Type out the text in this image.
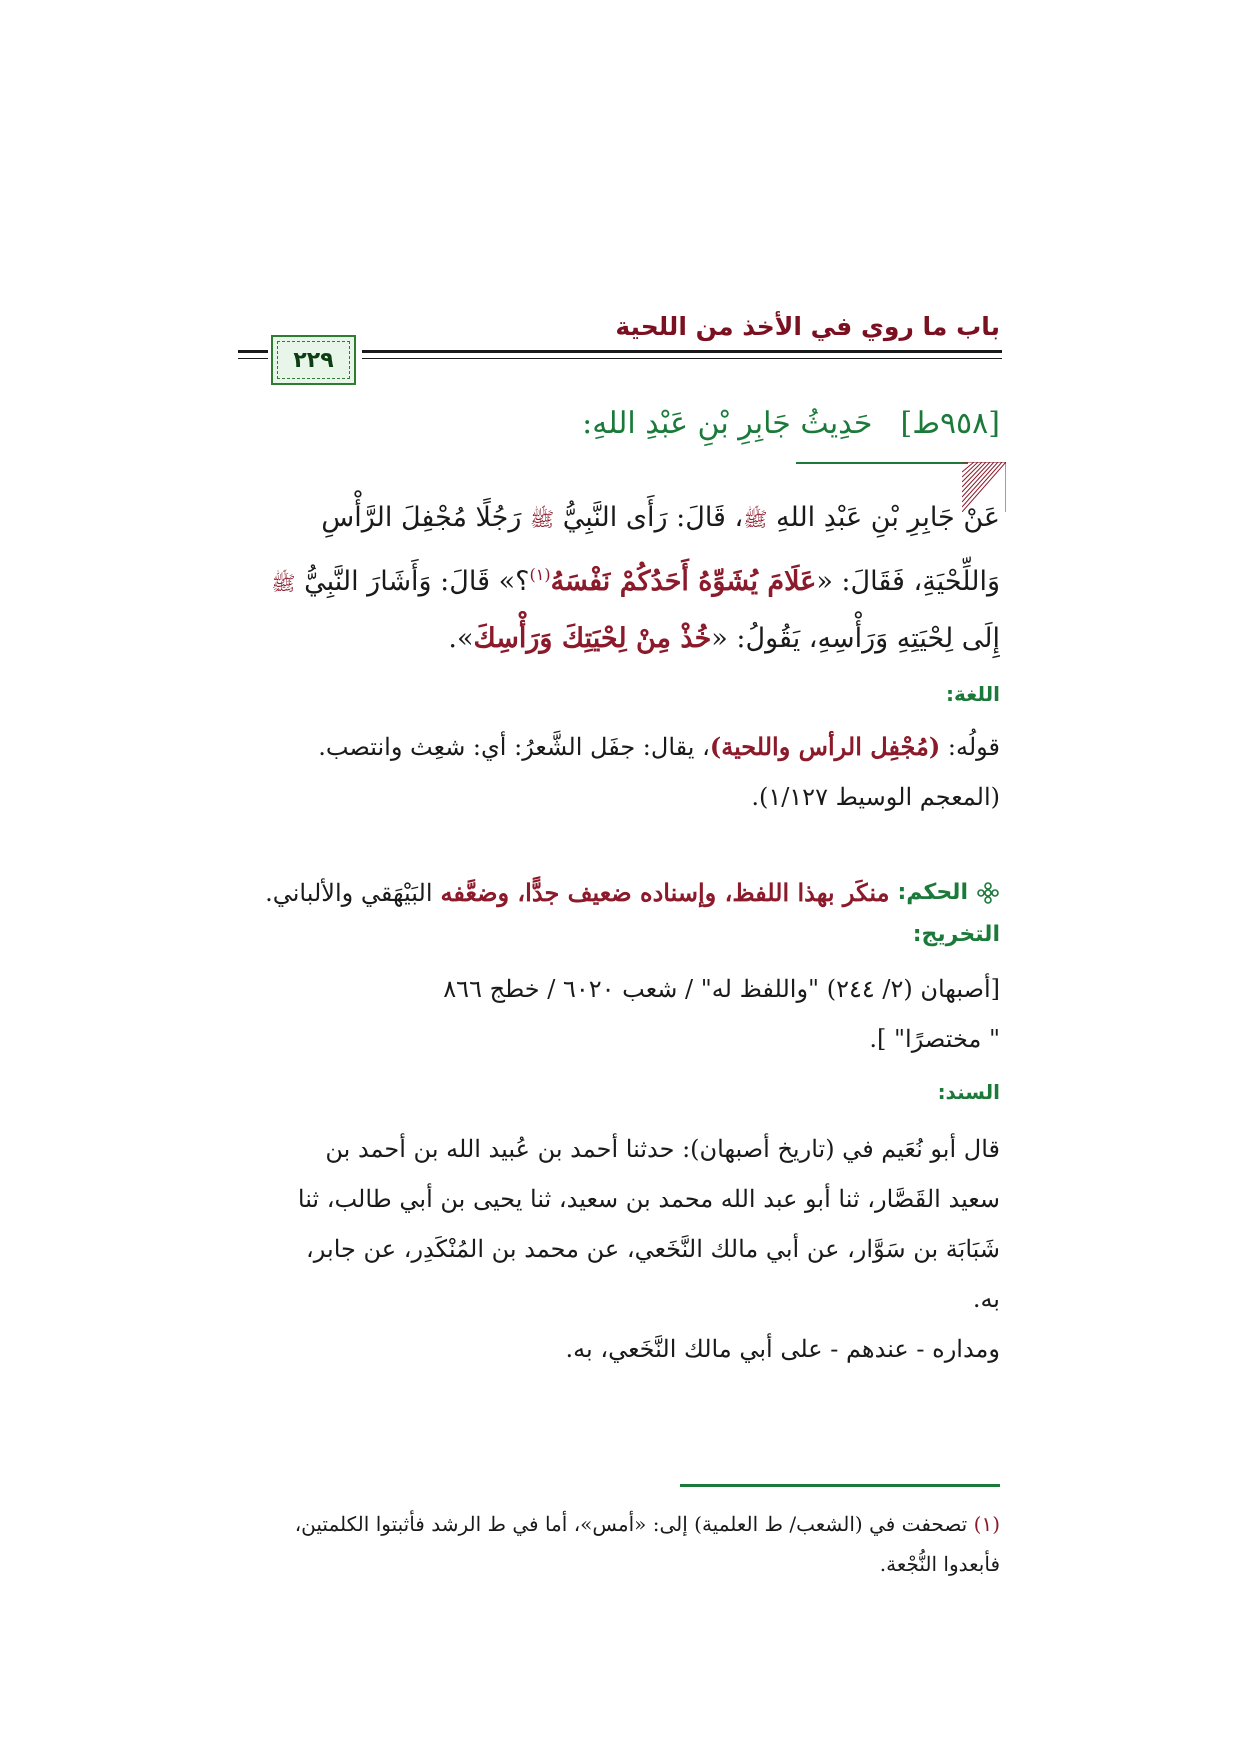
باب ما روي في الأخذ من اللحية
٢٢٩
[٩٥٨ط]
حَدِيثُ جَابِرِ بْنِ عَبْدِ اللهِ:
عَنْ جَابِرِ بْنِ عَبْدِ اللهِ ﷺ، قَالَ: رَأَى النَّبِيُّ ﷺ رَجُلًا مُجْفِلَ الرَّأْسِ
وَاللِّحْيَةِ، فَقَالَ: «عَلَامَ يُشَوِّهُ أَحَدُكُمْ نَفْسَهُ$^{(١)}$؟» قَالَ: وَأَشَارَ النَّبِيُّ ﷺ
إِلَى لِحْيَتِهِ وَرَأْسِهِ، يَقُولُ: «خُذْ مِنْ لِحْيَتِكَ وَرَأْسِكَ».
اللغة:
قولُه: (مُجْفِل الرأس واللحية)، يقال: جفَل الشَّعرُ: أي: شعِث وانتصب.
(المعجم الوسيط ١/١٢٧).
الحكم:
منكَر بهذا اللفظ، وإسناده ضعيف جدًّا، وضعَّفه
البَيْهَقي والألباني.
التخريج:
[أصبهان (٢/ ٢٤٤) "واللفظ له" / شعب ٦٠٢٠ / خطج ٨٦٦
" مختصرًا" ].
السند:
قال أبو نُعَيم في (تاريخ أصبهان): حدثنا أحمد بن عُبيد الله بن أحمد بن
سعيد القَصَّار، ثنا أبو عبد الله محمد بن سعيد، ثنا يحيى بن أبي طالب، ثنا
شَبَابَة بن سَوَّار، عن أبي مالك النَّخَعي، عن محمد بن المُنْكَدِر، عن جابر،
به.
ومداره - عندهم - على أبي مالك النَّخَعي، به.
(١) تصحفت في (الشعب/ ط العلمية) إلى: «أمس»، أما في ط الرشد فأثبتوا الكلمتين،
فأبعدوا النُّجْعة.
